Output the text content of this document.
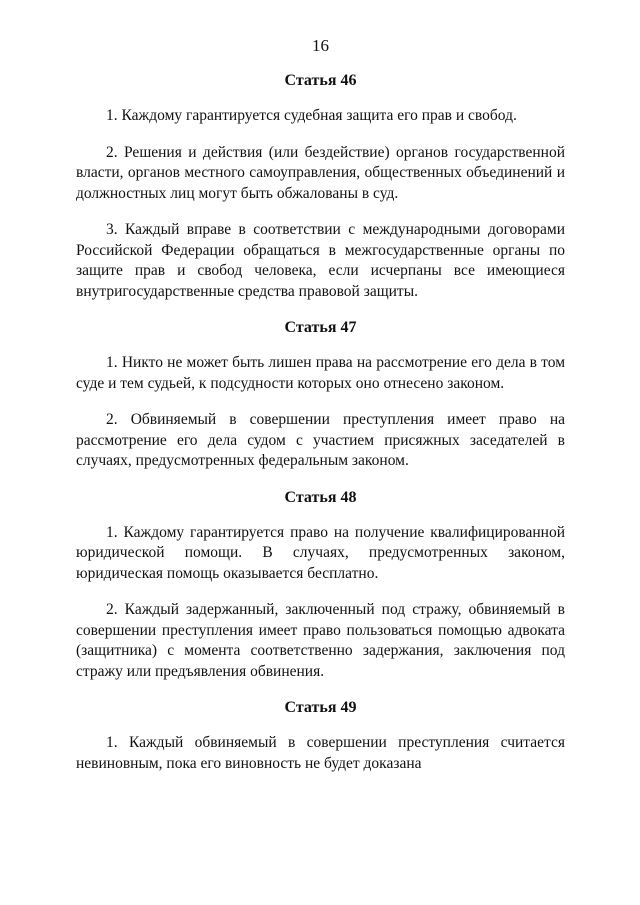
16
Статья 46

1. Каждому гарантируется судебная защита его прав и свобод.

2. Решения и действия (или бездействие) органов государственной власти, органов местного самоуправления, общественных объединений и должностных лиц могут быть обжалованы в суд.

3. Каждый вправе в соответствии с международными договорами Российской Федерации обращаться в межгосударственные органы по защите прав и свобод человека, если исчерпаны все имеющиеся внутригосударственные средства правовой защиты.

Статья 47

1. Никто не может быть лишен права на рассмотрение его дела в том суде и тем судьей, к подсудности которых оно отнесено законом.

2. Обвиняемый в совершении преступления имеет право на рассмотрение его дела судом с участием присяжных заседателей в случаях, предусмотренных федеральным законом.

Статья 48

1. Каждому гарантируется право на получение квалифицированной юридической помощи. В случаях, предусмотренных законом, юридическая помощь оказывается бесплатно.

2. Каждый задержанный, заключенный под стражу, обвиняемый в совершении преступления имеет право пользоваться помощью адвоката (защитника) с момента соответственно задержания, заключения под стражу или предъявления обвинения.

Статья 49

1. Каждый обвиняемый в совершении преступления считается невиновным, пока его виновность не будет доказана
